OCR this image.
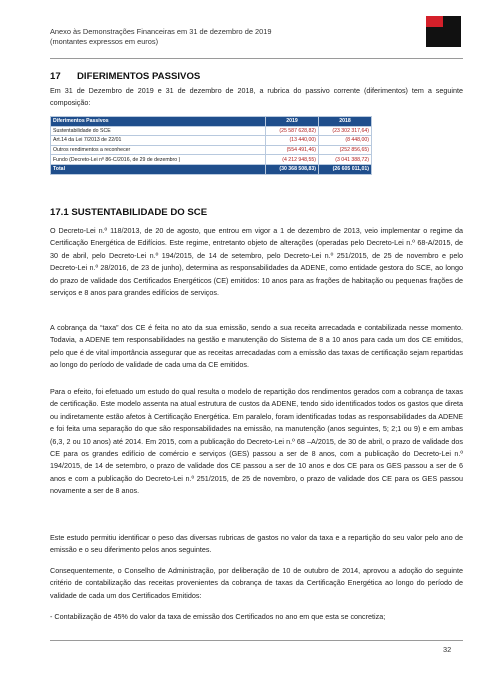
Anexo às Demonstrações Financeiras em 31 de dezembro de 2019
(montantes expressos em euros)
17 DIFERIMENTOS PASSIVOS
Em 31 de Dezembro de 2019 e 31 de dezembro de 2018, a rubrica do passivo corrente (diferimentos) tem a seguinte composição:
Diferimentos Passivos	2019	2018
Sustentabilidade do SCE	(25 587 628,82)	(23 302 317,64)
Art.14 da Lei 7/2013 de 22/01	(13 440,00)	(8 448,00)
Outros rendimentos a reconhecer	(554 491,46)	(252 856,65)
Fundo (Decreto-Lei nº 86-C/2016, de 29 de dezembro )	(4 212 948,55)	(3 041 388,72)
Total	(30 368 508,83)	(26 605 011,01)
17.1 SUSTENTABILIDADE DO SCE
O Decreto-Lei n.º 118/2013, de 20 de agosto, que entrou em vigor a 1 de dezembro de 2013, veio implementar o regime da Certificação Energética de Edifícios. Este regime, entretanto objeto de alterações (operadas pelo Decreto-Lei n.º 68-A/2015, de 30 de abril, pelo Decreto-Lei n.º 194/2015, de 14 de setembro, pelo Decreto-Lei n.º 251/2015, de 25 de novembro e pelo Decreto-Lei n.º 28/2016, de 23 de junho), determina as responsabilidades da ADENE, como entidade gestora do SCE, ao longo do prazo de validade dos Certificados Energéticos (CE) emitidos: 10 anos para as frações de habitação ou pequenas frações de serviços e 8 anos para grandes edifícios de serviços.
A cobrança da “taxa” dos CE é feita no ato da sua emissão, sendo a sua receita arrecadada e contabilizada nesse momento. Todavia, a ADENE tem responsabilidades na gestão e manutenção do Sistema de 8 a 10 anos para cada um dos CE emitidos, pelo que é de vital importância assegurar que as receitas arrecadadas com a emissão das taxas de certificação sejam repartidas ao longo do período de validade de cada uma da CE emitidos.
Para o efeito, foi efetuado um estudo do qual resulta o modelo de repartição dos rendimentos gerados com a cobrança de taxas de certificação. Este modelo assenta na atual estrutura de custos da ADENE, tendo sido identificados todos os gastos que direta ou indiretamente estão afetos à Certificação Energética. Em paralelo, foram identificadas todas as responsabilidades da ADENE e foi feita uma separação do que são responsabilidades na emissão, na manutenção (anos seguintes, 5; 2;1 ou 9) e em ambas (6,3, 2 ou 10 anos) até 2014. Em 2015, com a publicação do Decreto-Lei n.º 68 –A/2015, de 30 de abril, o prazo de validade dos CE para os grandes edifício de comércio e serviços (GES) passou a ser de 8 anos, com a publicação do Decreto-Lei n.º 194/2015, de 14 de setembro, o prazo de validade dos CE passou a ser de 10 anos e dos CE para os GES passou a ser de 6 anos e com a publicação do Decreto-Lei n.º 251/2015, de 25 de novembro, o prazo de validade dos CE para os GES passou novamente a ser de 8 anos.
Este estudo permitiu identificar o peso das diversas rubricas de gastos no valor da taxa e a repartição do seu valor pelo ano de emissão e o seu diferimento pelos anos seguintes.
Consequentemente, o Conselho de Administração, por deliberação de 10 de outubro de 2014, aprovou a adoção do seguinte critério de contabilização das receitas provenientes da cobrança de taxas da Certificação Energética ao longo do período de validade de cada um dos Certificados Emitidos:
- Contabilização de 45% do valor da taxa de emissão dos Certificados no ano em que esta se concretiza;
32
